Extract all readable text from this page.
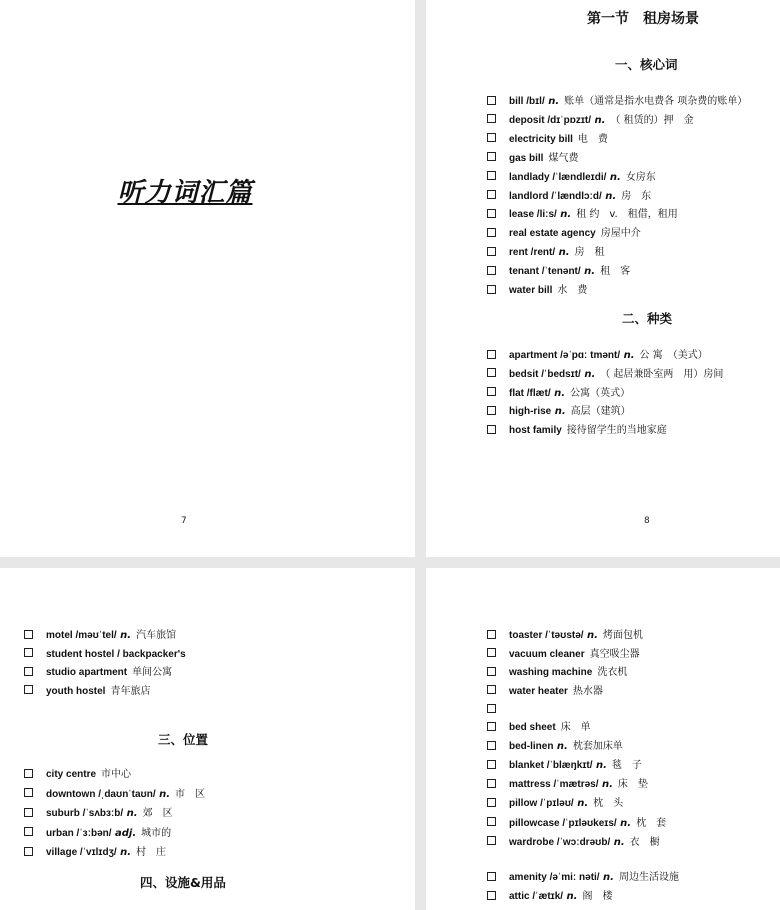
听力词汇篇
7
第一节　租房场景
一、核心词
bill /bɪl/ n. 账单（通常是指水电费各 项杂费的账单）
deposit /dɪˈpɒzɪt/ n. （ 租赁的）押　金
electricity bill 电　费
gas bill 煤气费
landlady /ˈlændleɪdi/ n. 女房东
landlord /ˈlændlɔːd/ n. 房　东
lease /liːs/ n. 租 约　v.　租借，租用
real estate agency 房屋中介
rent /rent/ n. 房　租
tenant /ˈtenənt/ n. 租　客
water bill 水　费
二、种类
apartment /əˈpɑː tmənt/ n. 公 寓　（美式）
bedsit /ˈbedsɪt/ n. （ 起居兼卧室两　用）房间
flat /flæt/ n. 公寓（英式）
high-rise n. 高层（建筑）
host family 接待留学生的当地家庭
8
motel /məʊˈtel/ n. 汽车旅馆
student hostel / backpacker's
studio apartment 单间公寓
youth hostel 青年旅店
三、位置
city centre 市中心
downtown /ˌdaʊnˈtaʊn/ n. 市　区
suburb /ˈsʌbɜːb/ n. 郊　区
urban /ˈɜːbən/ adj. 城市的
village /ˈvɪlɪdʒ/ n. 村　庄
四、设施&用品
toaster /ˈtəʊstə/ n. 烤面包机
vacuum cleaner 真空吸尘器
washing machine 洗衣机
water heater 热水器
bed sheet 床　单
bed-linen n. 枕套加床单
blanket /ˈblæŋkɪt/ n. 毯　子
mattress /ˈmætrəs/ n. 床　垫
pillow /ˈpɪləʊ/ n. 枕　头
pillowcase /ˈpɪləʊkeɪs/ n. 枕　套
wardrobe /ˈwɔːdrəʊb/ n. 衣　橱
amenity /əˈmiː nəti/ n. 周边生活设施
attic /ˈætɪk/ n. 阁　楼
